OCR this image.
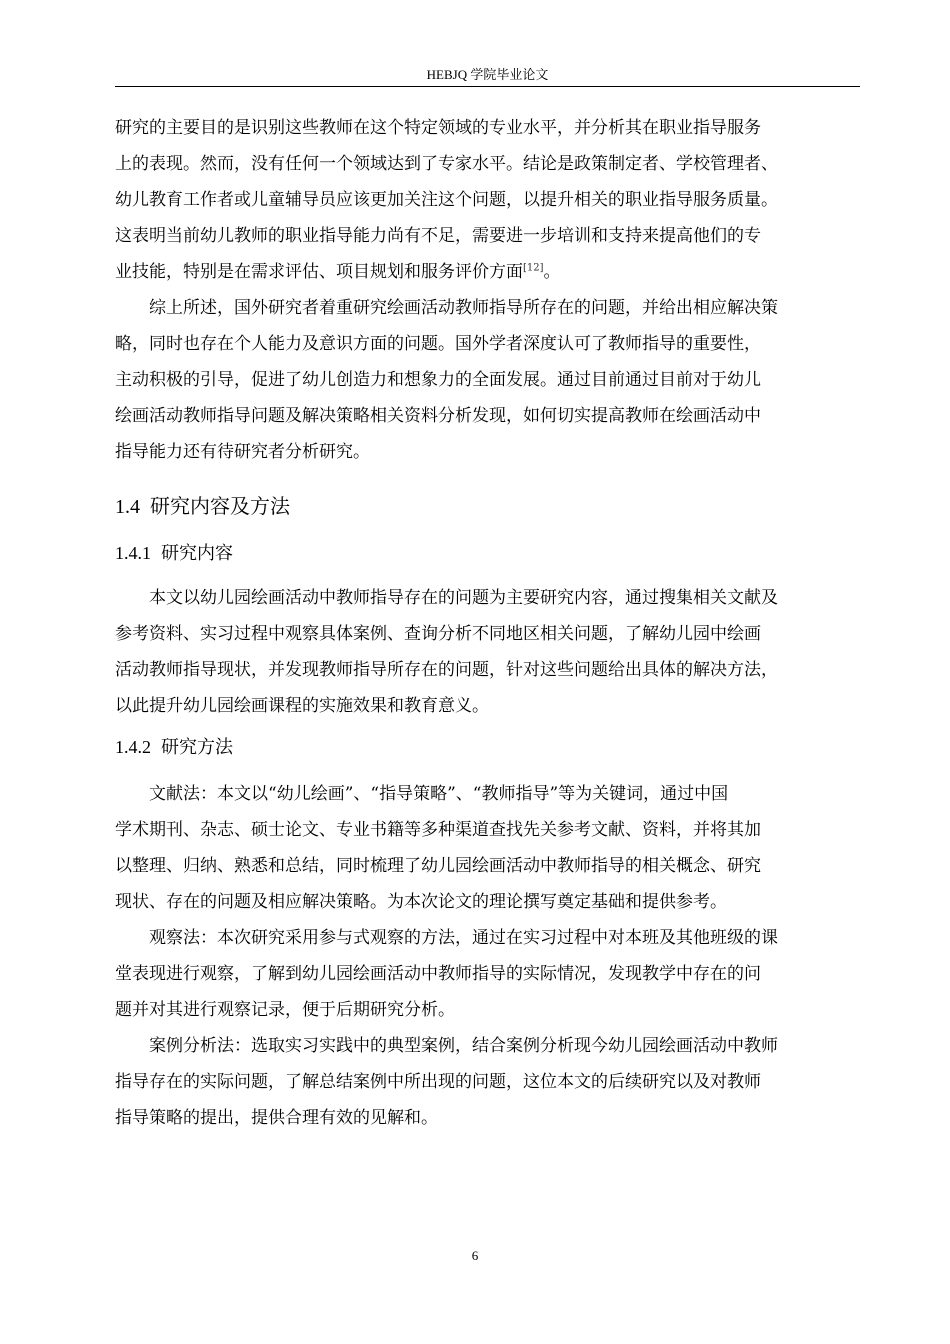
HEBJQ 学院毕业论文
研究的主要目的是识别这些教师在这个特定领域的专业水平，并分析其在职业指导服务
上的表现。然而，没有任何一个领域达到了专家水平。结论是政策制定者、学校管理者、
幼儿教育工作者或儿童辅导员应该更加关注这个问题，以提升相关的职业指导服务质量。
这表明当前幼儿教师的职业指导能力尚有不足，需要进一步培训和支持来提高他们的专
业技能，特别是在需求评估、项目规划和服务评价方面[12]。
综上所述，国外研究者着重研究绘画活动教师指导所存在的问题，并给出相应解决策
略，同时也存在个人能力及意识方面的问题。国外学者深度认可了教师指导的重要性，
主动积极的引导，促进了幼儿创造力和想象力的全面发展。通过目前通过目前对于幼儿
绘画活动教师指导问题及解决策略相关资料分析发现，如何切实提高教师在绘画活动中
指导能力还有待研究者分析研究。
1.4 研究内容及方法
1.4.1 研究内容
本文以幼儿园绘画活动中教师指导存在的问题为主要研究内容，通过搜集相关文献及
参考资料、实习过程中观察具体案例、查询分析不同地区相关问题，了解幼儿园中绘画
活动教师指导现状，并发现教师指导所存在的问题，针对这些问题给出具体的解决方法，
以此提升幼儿园绘画课程的实施效果和教育意义。
1.4.2 研究方法
文献法：本文以“幼儿绘画”、“指导策略”、“教师指导”等为关键词，通过中国
学术期刊、杂志、硕士论文、专业书籍等多种渠道查找先关参考文献、资料，并将其加
以整理、归纳、熟悉和总结，同时梳理了幼儿园绘画活动中教师指导的相关概念、研究
现状、存在的问题及相应解决策略。为本次论文的理论撰写奠定基础和提供参考。
观察法：本次研究采用参与式观察的方法，通过在实习过程中对本班及其他班级的课
堂表现进行观察，了解到幼儿园绘画活动中教师指导的实际情况，发现教学中存在的问
题并对其进行观察记录，便于后期研究分析。
案例分析法：选取实习实践中的典型案例，结合案例分析现今幼儿园绘画活动中教师
指导存在的实际问题，了解总结案例中所出现的问题，这位本文的后续研究以及对教师
指导策略的提出，提供合理有效的见解和。
6
